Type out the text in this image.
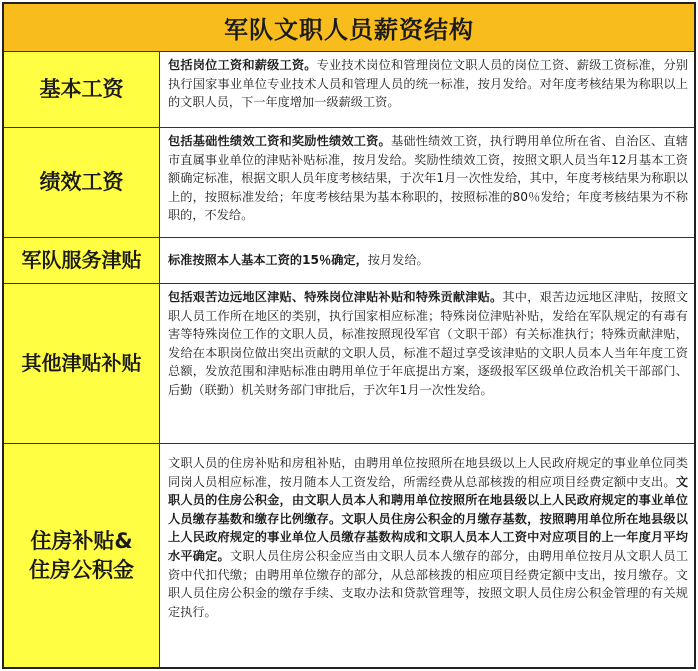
军队文职人员薪资结构
基本工资
包括岗位工资和薪级工资。专业技术岗位和管理岗位文职人员的岗位工资、薪级工资标准，分别执行国家事业单位专业技术人员和管理人员的统一标准，按月发给。对年度考核结果为称职以上的文职人员，下一年度增加一级薪级工资。
绩效工资
包括基础性绩效工资和奖励性绩效工资。基础性绩效工资，执行聘用单位所在省、自治区、直辖市直属事业单位的津贴补贴标准，按月发给。奖励性绩效工资，按照文职人员当年12月基本工资额确定标准，根据文职人员年度考核结果，于次年1月一次性发给，其中，年度考核结果为称职以上的，按照标准发给；年度考核结果为基本称职的，按照标准的80％发给；年度考核结果为不称职的，不发给。
军队服务津贴	标准按照本人基本工资的15％确定，按月发给。
其他津贴补贴
包括艰苦边远地区津贴、特殊岗位津贴补贴和特殊贡献津贴。其中，艰苦边远地区津贴，按照文职人员工作所在地区的类别，执行国家相应标准；特殊岗位津贴补贴，发给在军队规定的有毒有害等特殊岗位工作的文职人员，标准按照现役军官（文职干部）有关标准执行；特殊贡献津贴，发给在本职岗位做出突出贡献的文职人员，标准不超过享受该津贴的文职人员本人当年年度工资总额，发放范围和津贴标准由聘用单位于年底提出方案，逐级报军区级单位政治机关干部部门、后勤（联勤）机关财务部门审批后，于次年1月一次性发给。
住房补贴&
住房公积金
文职人员的住房补贴和房租补贴，由聘用单位按照所在地县级以上人民政府规定的事业单位同类同岗人员相应标准，按月随本人工资发给，所需经费从总部核拨的相应项目经费定额中支出。文职人员的住房公积金，由文职人员本人和聘用单位按照所在地县级以上人民政府规定的事业单位人员缴存基数和缴存比例缴存。文职人员住房公积金的月缴存基数，按照聘用单位所在地县级以上人民政府规定的事业单位人员缴存基数构成和文职人员本人工资中对应项目的上一年度月平均水平确定。文职人员住房公积金应当由文职人员本人缴存的部分，由聘用单位按月从文职人员工资中代扣代缴；由聘用单位缴存的部分，从总部核拨的相应项目经费定额中支出，按月缴存。文职人员住房公积金的缴存手续、支取办法和贷款管理等，按照文职人员住房公积金管理的有关规定执行。
